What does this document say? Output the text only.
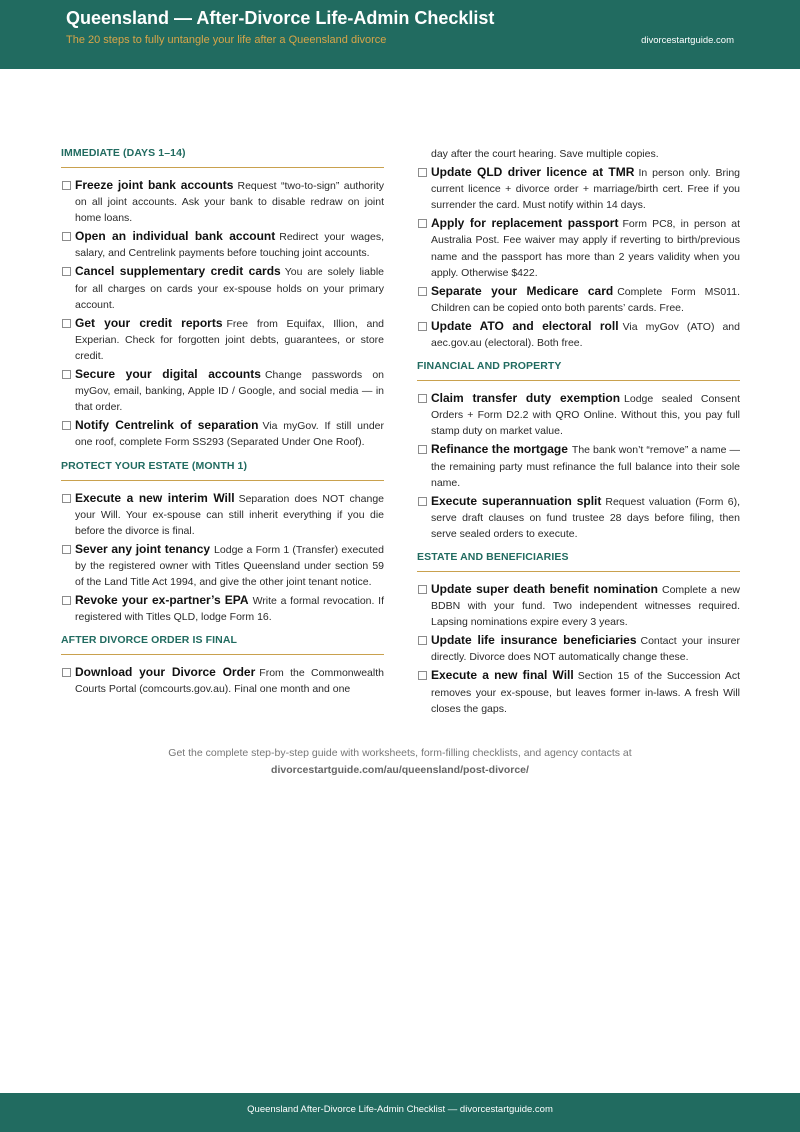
Queensland — After-Divorce Life-Admin Checklist
The 20 steps to fully untangle your life after a Queensland divorce	divorcestartguide.com
IMMEDIATE (DAYS 1–14)
Freeze joint bank accounts Request “two-to-sign” authority on all joint accounts. Ask your bank to disable redraw on joint home loans.
Open an individual bank account Redirect your wages, salary, and Centrelink payments before touching joint accounts.
Cancel supplementary credit cards You are solely liable for all charges on cards your ex-spouse holds on your primary account.
Get your credit reports Free from Equifax, Illion, and Experian. Check for forgotten joint debts, guarantees, or store credit.
Secure your digital accounts Change passwords on myGov, email, banking, Apple ID / Google, and social media — in that order.
Notify Centrelink of separation Via myGov. If still under one roof, complete Form SS293 (Separated Under One Roof).
PROTECT YOUR ESTATE (MONTH 1)
Execute a new interim Will Separation does NOT change your Will. Your ex-spouse can still inherit everything if you die before the divorce is final.
Sever any joint tenancy Lodge a Form 1 (Transfer) executed by the registered owner with Titles Queensland under section 59 of the Land Title Act 1994, and give the other joint tenant notice.
Revoke your ex-partner’s EPA Write a formal revocation. If registered with Titles QLD, lodge Form 16.
AFTER DIVORCE ORDER IS FINAL
Download your Divorce Order From the Commonwealth Courts Portal (comcourts.gov.au). Final one month and one
day after the court hearing. Save multiple copies.
Update QLD driver licence at TMR In person only. Bring current licence + divorce order + marriage/birth cert. Free if you surrender the card. Must notify within 14 days.
Apply for replacement passport Form PC8, in person at Australia Post. Fee waiver may apply if reverting to birth/previous name and the passport has more than 2 years validity when you apply. Otherwise $422.
Separate your Medicare card Complete Form MS011. Children can be copied onto both parents’ cards. Free.
Update ATO and electoral roll Via myGov (ATO) and aec.gov.au (electoral). Both free.
FINANCIAL AND PROPERTY
Claim transfer duty exemption Lodge sealed Consent Orders + Form D2.2 with QRO Online. Without this, you pay full stamp duty on market value.
Refinance the mortgage The bank won’t “remove” a name — the remaining party must refinance the full balance into their sole name.
Execute superannuation split Request valuation (Form 6), serve draft clauses on fund trustee 28 days before filing, then serve sealed orders to execute.
ESTATE AND BENEFICIARIES
Update super death benefit nomination Complete a new BDBN with your fund. Two independent witnesses required. Lapsing nominations expire every 3 years.
Update life insurance beneficiaries Contact your insurer directly. Divorce does NOT automatically change these.
Execute a new final Will Section 15 of the Succession Act removes your ex-spouse, but leaves former in-laws. A fresh Will closes the gaps.
Get the complete step-by-step guide with worksheets, form-filling checklists, and agency contacts at
divorcestartguide.com/au/queensland/post-divorce/
Queensland After-Divorce Life-Admin Checklist — divorcestartguide.com
